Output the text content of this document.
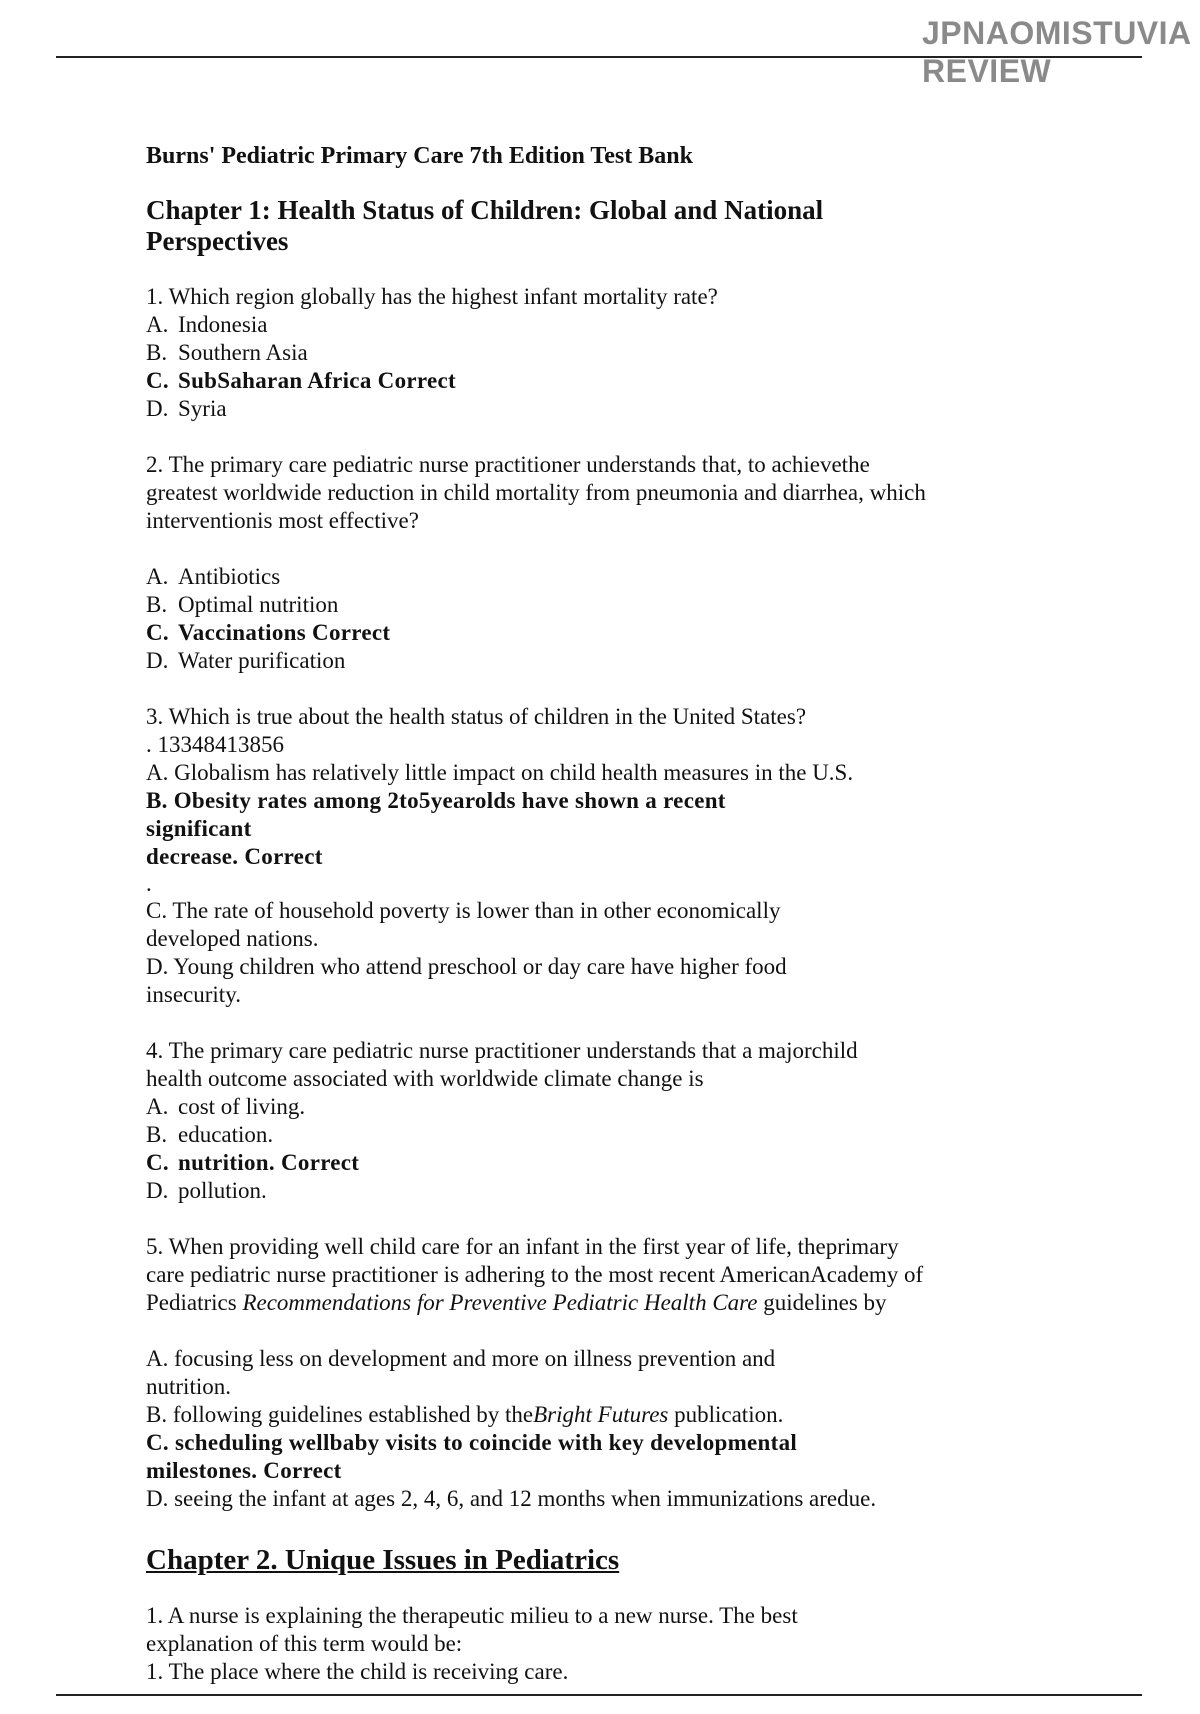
JPNAOMISTUVIA
REVIEW
Burns' Pediatric Primary Care 7th Edition Test Bank
Chapter 1: Health Status of Children: Global and National
Perspectives

1. Which region globally has the highest infant mortality rate?

A. Indonesia

B. Southern Asia

C. SubSaharan Africa Correct

D. Syria

2. The primary care pediatric nurse practitioner understands that, to achievethe

greatest worldwide reduction in child mortality from pneumonia and diarrhea, which

interventionis most effective?

A. Antibiotics

B. Optimal nutrition

C. Vaccinations Correct

D. Water purification

3. Which is true about the health status of children in the United States?

. 13348413856

A. Globalism has relatively little impact on child health measures in the U.S.

B. Obesity rates among 2to5yearolds have shown a recent

significant

decrease. Correct

.

C. The rate of household poverty is lower than in other economically

developed nations.

D. Young children who attend preschool or day care have higher food

insecurity.

4. The primary care pediatric nurse practitioner understands that a majorchild

health outcome associated with worldwide climate change is

A. cost of living.

B. education.

C. nutrition. Correct

D. pollution.

5. When providing well child care for an infant in the first year of life, theprimary

care pediatric nurse practitioner is adhering to the most recent AmericanAcademy of

Pediatrics Recommendations for Preventive Pediatric Health Care guidelines by

A. focusing less on development and more on illness prevention and

nutrition.

B. following guidelines established by theBright Futures publication.

C. scheduling wellbaby visits to coincide with key developmental

milestones. Correct

D. seeing the infant at ages 2, 4, 6, and 12 months when immunizations aredue.

Chapter 2. Unique Issues in Pediatrics

1. A nurse is explaining the therapeutic milieu to a new nurse. The best

explanation of this term would be:

1. The place where the child is receiving care.
